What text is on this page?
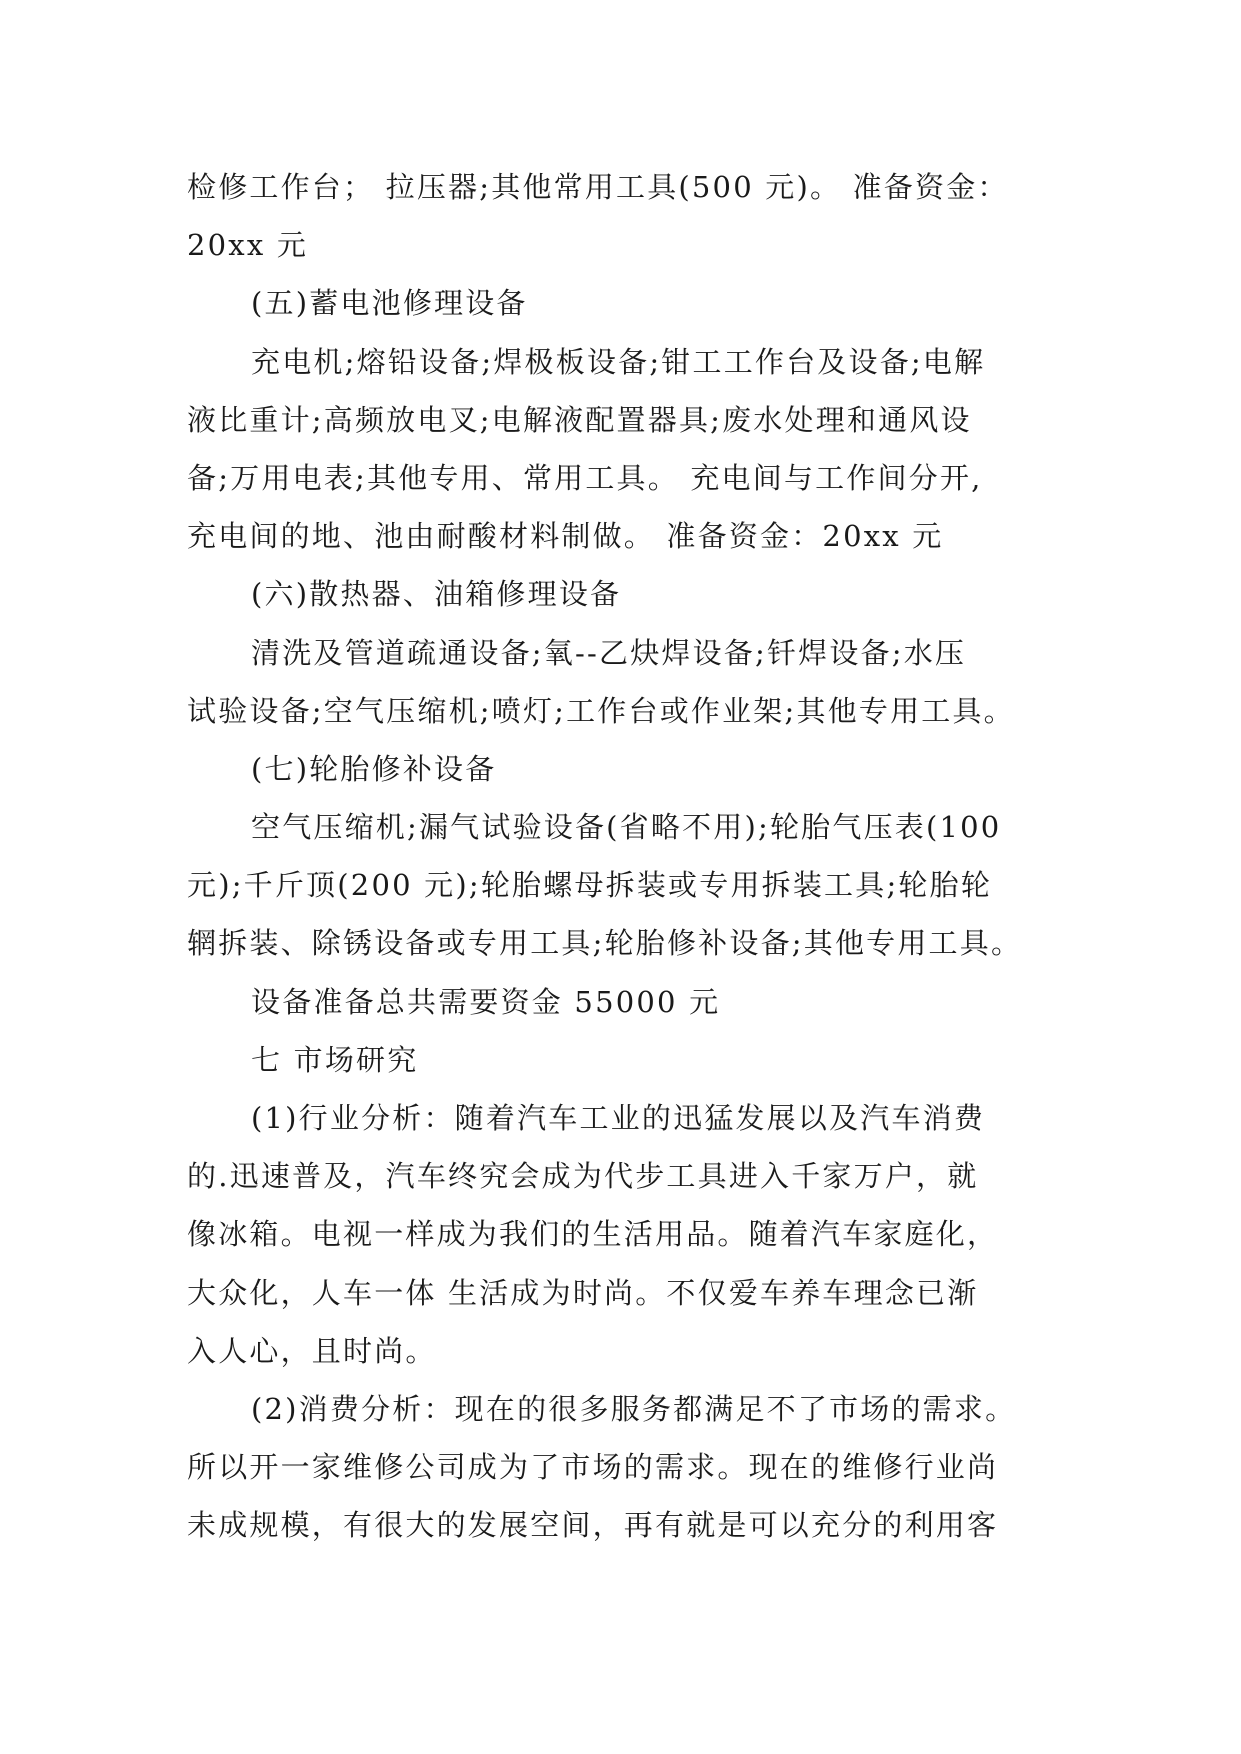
检修工作台； 拉压器;其他常用工具(500 元)。 准备资金：
20xx 元
(五)蓄电池修理设备
充电机;熔铅设备;焊极板设备;钳工工作台及设备;电解
液比重计;高频放电叉;电解液配置器具;废水处理和通风设
备;万用电表;其他专用、常用工具。 充电间与工作间分开,
充电间的地、池由耐酸材料制做。 准备资金：20xx 元
(六)散热器、油箱修理设备
清洗及管道疏通设备;氧--乙炔焊设备;钎焊设备;水压
试验设备;空气压缩机;喷灯;工作台或作业架;其他专用工具。
(七)轮胎修补设备
空气压缩机;漏气试验设备(省略不用);轮胎气压表(100
元);千斤顶(200 元);轮胎螺母拆装或专用拆装工具;轮胎轮
辋拆装、除锈设备或专用工具;轮胎修补设备;其他专用工具。
设备准备总共需要资金 55000 元
七 市场研究
(1)行业分析：随着汽车工业的迅猛发展以及汽车消费
的.迅速普及，汽车终究会成为代步工具进入千家万户，就
像冰箱。电视一样成为我们的生活用品。随着汽车家庭化，
大众化，人车一体 生活成为时尚。不仅爱车养车理念已渐
入人心，且时尚。
(2)消费分析：现在的很多服务都满足不了市场的需求。
所以开一家维修公司成为了市场的需求。现在的维修行业尚
未成规模，有很大的发展空间，再有就是可以充分的利用客
